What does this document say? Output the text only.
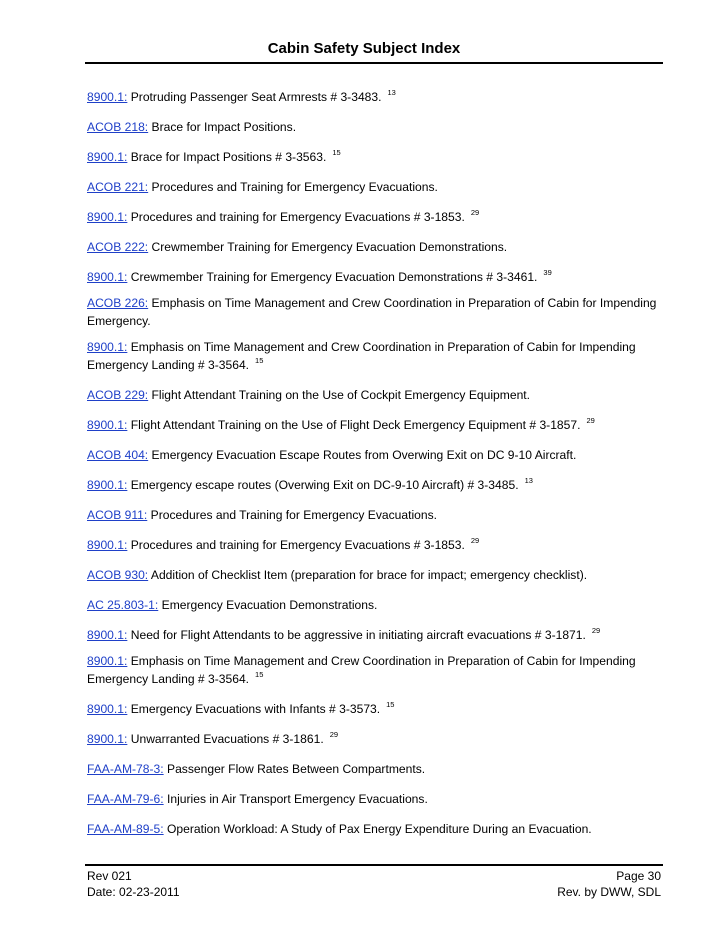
Cabin Safety Subject Index

8900.1: Protruding Passenger Seat Armrests # 3-3483. $^{13}$

ACOB 218: Brace for Impact Positions.

8900.1: Brace for Impact Positions # 3-3563. $^{15}$

ACOB 221: Procedures and Training for Emergency Evacuations.

8900.1: Procedures and training for Emergency Evacuations # 3-1853. $^{29}$

ACOB 222: Crewmember Training for Emergency Evacuation Demonstrations.

8900.1: Crewmember Training for Emergency Evacuation Demonstrations # 3-3461. $^{39}$

ACOB 226: Emphasis on Time Management and Crew Coordination in Preparation of Cabin for Impending Emergency.

8900.1: Emphasis on Time Management and Crew Coordination in Preparation of Cabin for Impending Emergency Landing # 3-3564. $^{15}$

ACOB 229: Flight Attendant Training on the Use of Cockpit Emergency Equipment.

8900.1: Flight Attendant Training on the Use of Flight Deck Emergency Equipment # 3-1857. $^{29}$

ACOB 404: Emergency Evacuation Escape Routes from Overwing Exit on DC 9-10 Aircraft.

8900.1: Emergency escape routes (Overwing Exit on DC-9-10 Aircraft) # 3-3485. $^{13}$

ACOB 911: Procedures and Training for Emergency Evacuations.

8900.1: Procedures and training for Emergency Evacuations # 3-1853. $^{29}$

ACOB 930: Addition of Checklist Item (preparation for brace for impact; emergency checklist).

AC 25.803-1: Emergency Evacuation Demonstrations.

8900.1: Need for Flight Attendants to be aggressive in initiating aircraft evacuations # 3-1871. $^{29}$

8900.1: Emphasis on Time Management and Crew Coordination in Preparation of Cabin for Impending Emergency Landing # 3-3564. $^{15}$

8900.1: Emergency Evacuations with Infants # 3-3573. $^{15}$

8900.1: Unwarranted Evacuations # 3-1861. $^{29}$

FAA-AM-78-3: Passenger Flow Rates Between Compartments.

FAA-AM-79-6: Injuries in Air Transport Emergency Evacuations.

FAA-AM-89-5: Operation Workload: A Study of Pax Energy Expenditure During an Evacuation.

Rev 021	Page 30
Date: 02-23-2011	Rev. by DWW, SDL
